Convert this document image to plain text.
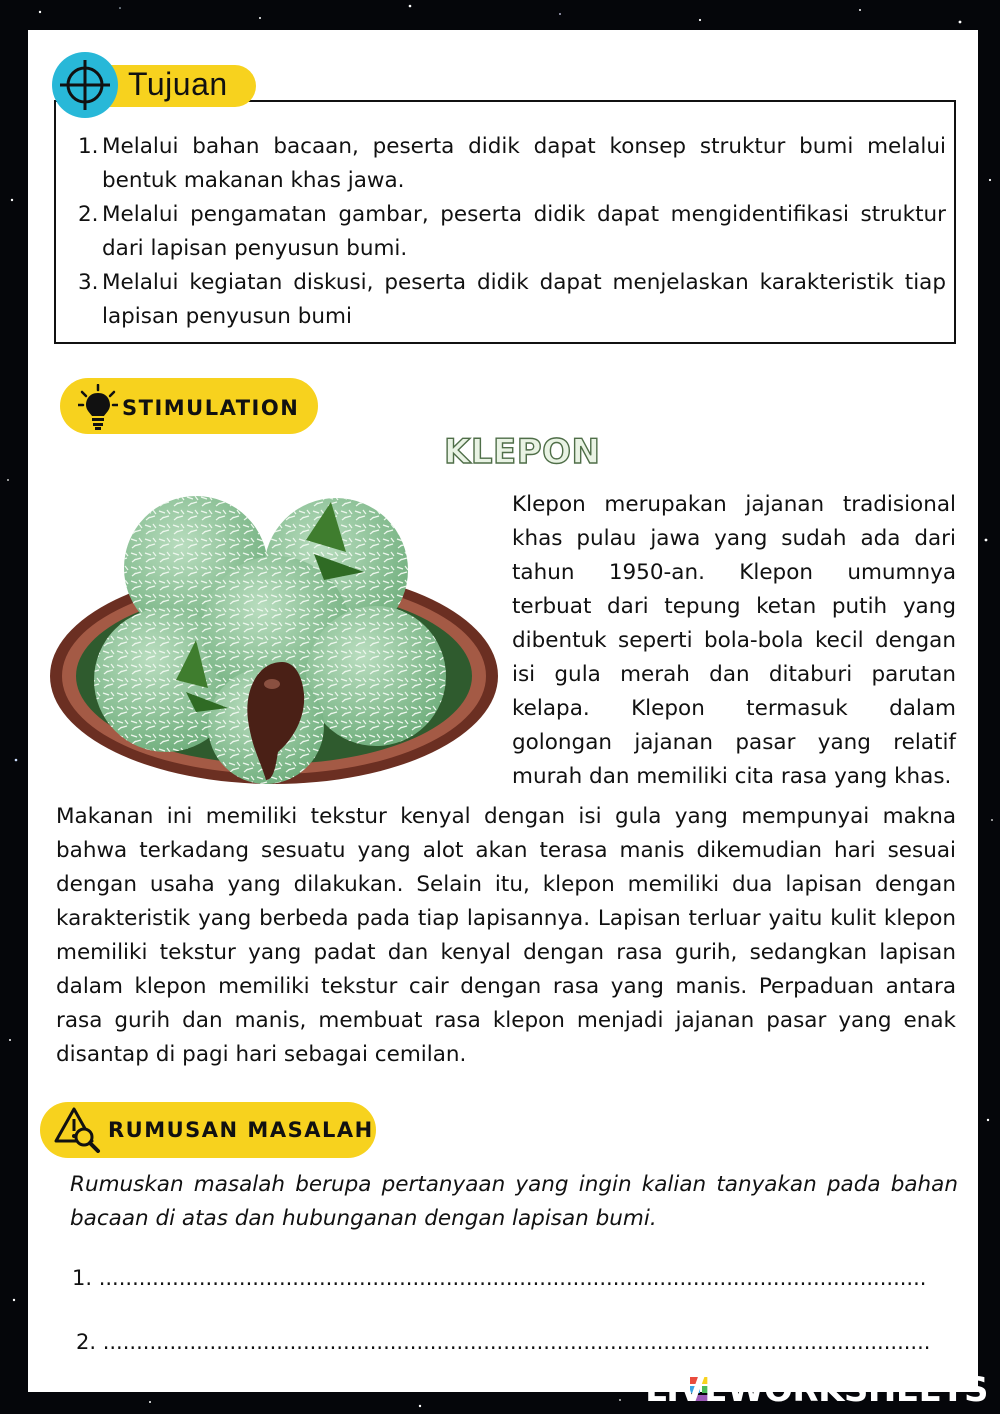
1. Melalui bahan bacaan, peserta didik dapat konsep struktur bumi melalui bentuk makanan khas jawa.
2. Melalui pengamatan gambar, peserta didik dapat mengidentifikasi struktur dari lapisan penyusun bumi.
3. Melalui kegiatan diskusi, peserta didik dapat menjelaskan karakteristik tiap lapisan penyusun bumi
Tujuan
STIMULATION
KLEPON
Klepon merupakan jajanan tradisional khas pulau jawa yang sudah ada dari tahun 1950-an. Klepon umumnya terbuat dari tepung ketan putih yang dibentuk seperti bola-bola kecil dengan isi gula merah dan ditaburi parutan kelapa. Klepon termasuk dalam golongan jajanan pasar yang relatif murah dan memiliki cita rasa yang khas.
Makanan ini memiliki tekstur kenyal dengan isi gula yang mempunyai makna bahwa terkadang sesuatu yang alot akan terasa manis dikemudian hari sesuai dengan usaha yang dilakukan. Selain itu, klepon memiliki dua lapisan dengan karakteristik yang berbeda pada tiap lapisannya. Lapisan terluar yaitu kulit klepon memiliki tekstur yang padat dan kenyal dengan rasa gurih, sedangkan lapisan dalam klepon memiliki tekstur cair dengan rasa yang manis. Perpaduan antara rasa gurih dan manis, membuat rasa klepon menjadi jajanan pasar yang enak disantap di pagi hari sebagai cemilan.
RUMUSAN MASALAH
Rumuskan masalah berupa pertanyaan yang ingin kalian tanyakan pada bahan bacaan di atas dan hubunganan dengan lapisan bumi.
1. ............................................................................................................................
2. ............................................................................................................................
LIVEWORKSHEETS
